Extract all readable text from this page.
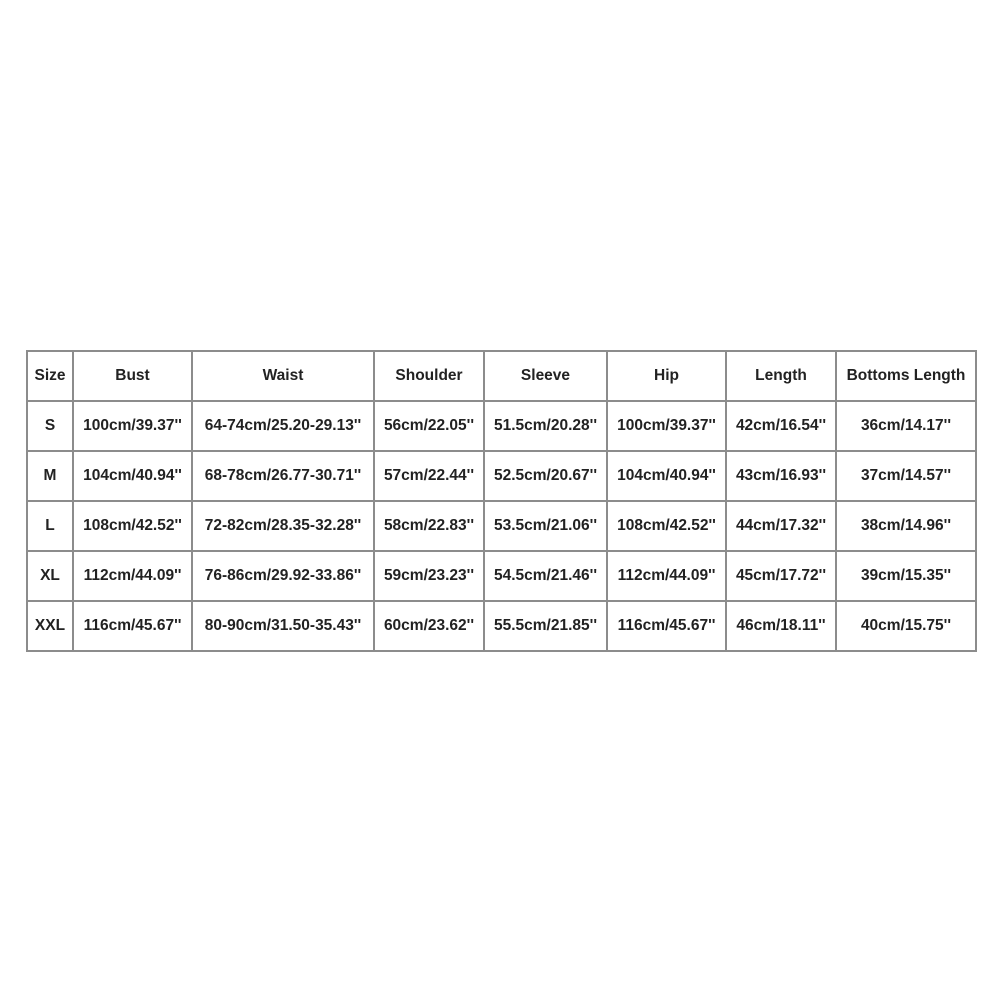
Size	Bust	Waist	Shoulder	Sleeve	Hip	Length	Bottoms Length
S	100cm/39.37''	64-74cm/25.20-29.13''	56cm/22.05''	51.5cm/20.28''	100cm/39.37''	42cm/16.54''	36cm/14.17''
M	104cm/40.94''	68-78cm/26.77-30.71''	57cm/22.44''	52.5cm/20.67''	104cm/40.94''	43cm/16.93''	37cm/14.57''
L	108cm/42.52''	72-82cm/28.35-32.28''	58cm/22.83''	53.5cm/21.06''	108cm/42.52''	44cm/17.32''	38cm/14.96''
XL	112cm/44.09''	76-86cm/29.92-33.86''	59cm/23.23''	54.5cm/21.46''	112cm/44.09''	45cm/17.72''	39cm/15.35''
XXL	116cm/45.67''	80-90cm/31.50-35.43''	60cm/23.62''	55.5cm/21.85''	116cm/45.67''	46cm/18.11''	40cm/15.75''
